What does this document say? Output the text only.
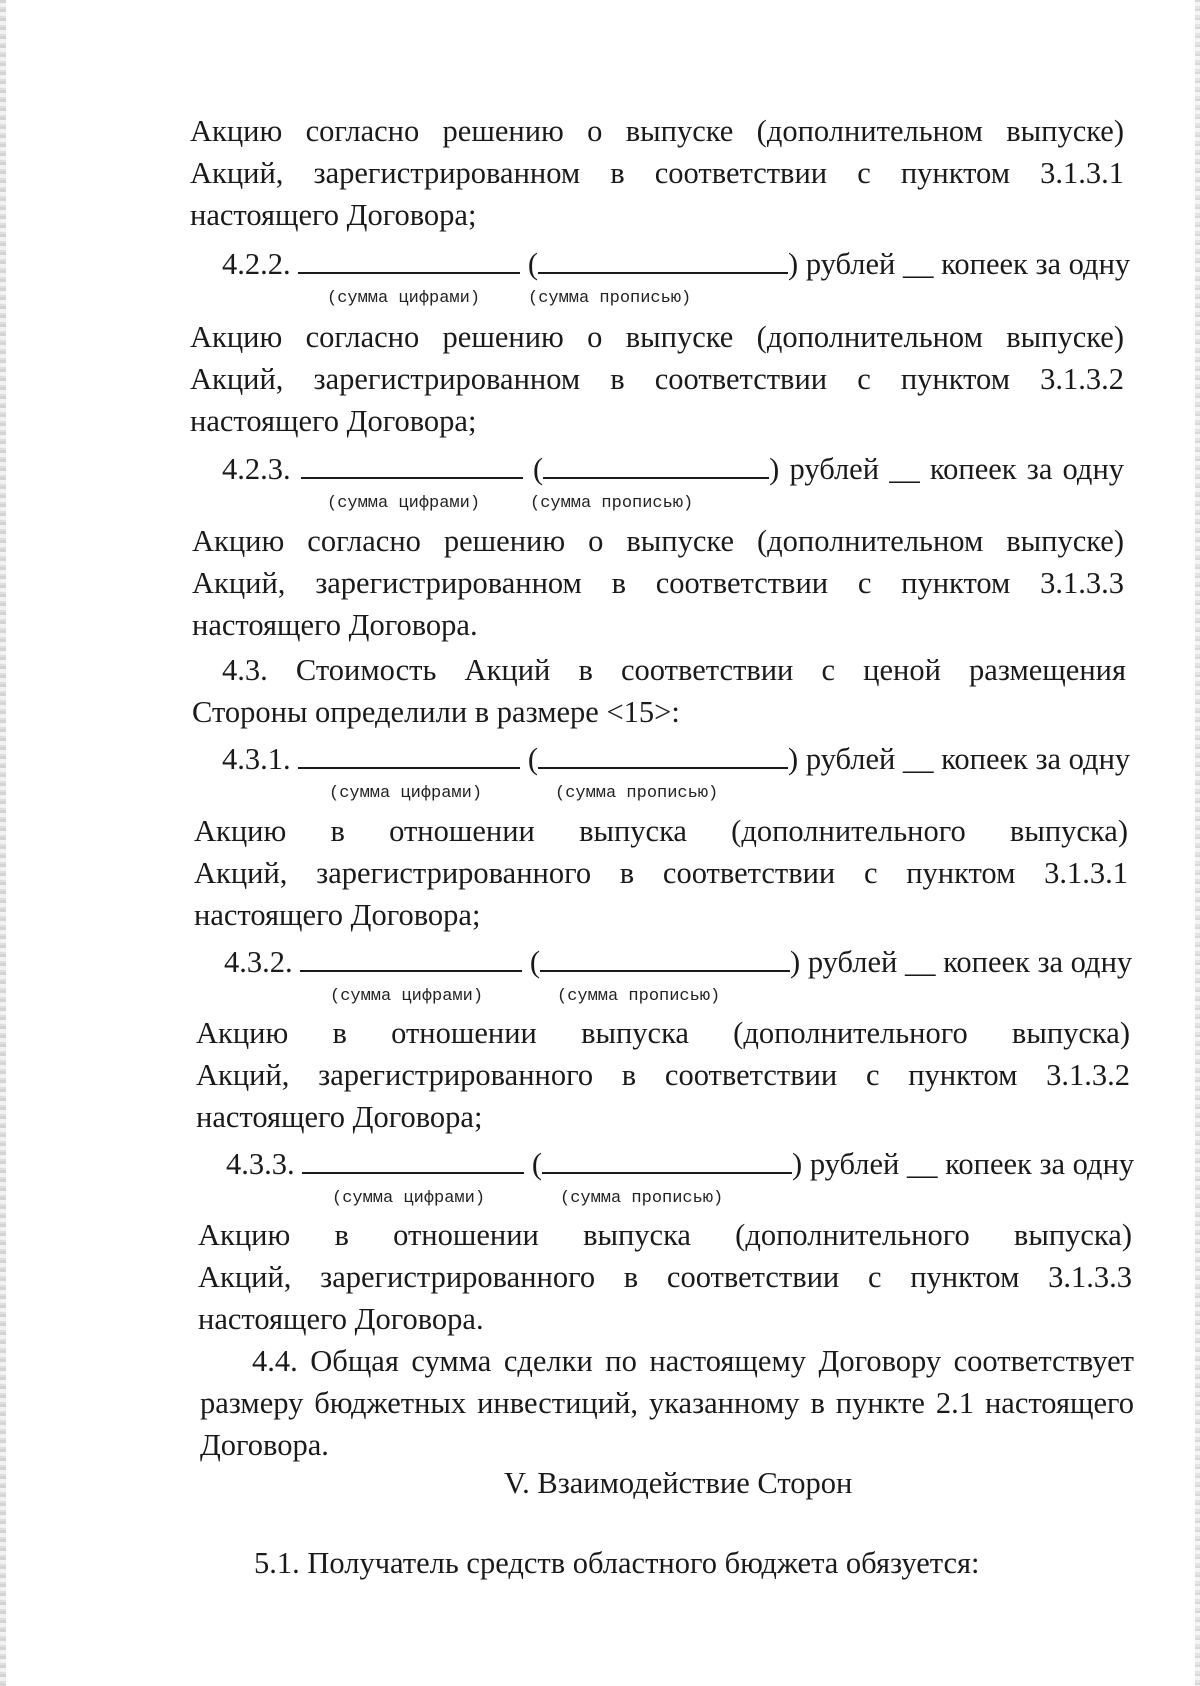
Акцию согласно решению о выпуске (дополнительном выпуске)
Акций, зарегистрированном в соответствии с пунктом 3.1.3.1
настоящего Договора;
4.2.2.	(	) рублей __ копеек за одну
(сумма цифрами)	(сумма прописью)
Акцию согласно решению о выпуске (дополнительном выпуске)
Акций, зарегистрированном в соответствии с пунктом 3.1.3.2
настоящего Договора;
4.2.3.	(	) рублей __ копеек за одну
(сумма цифрами)	(сумма прописью)
Акцию согласно решению о выпуске (дополнительном выпуске)
Акций, зарегистрированном в соответствии с пунктом 3.1.3.3
настоящего Договора.
4.3. Стоимость Акций в соответствии с ценой размещения
Стороны определили в размере <15>:
4.3.1.	(	) рублей __ копеек за одну
(сумма цифрами)	(сумма прописью)
Акцию в отношении выпуска (дополнительного выпуска)
Акций, зарегистрированного в соответствии с пунктом 3.1.3.1
настоящего Договора;
4.3.2.	(	) рублей __ копеек за одну
(сумма цифрами)	(сумма прописью)
Акцию в отношении выпуска (дополнительного выпуска)
Акций, зарегистрированного в соответствии с пунктом 3.1.3.2
настоящего Договора;
4.3.3.	(	) рублей __ копеек за одну
(сумма цифрами)	(сумма прописью)
Акцию в отношении выпуска (дополнительного выпуска)
Акций, зарегистрированного в соответствии с пунктом 3.1.3.3
настоящего Договора.
4.4. Общая сумма сделки по настоящему Договору соответствует
размеру бюджетных инвестиций, указанному в пункте 2.1 настоящего
Договора.
V. Взаимодействие Сторон
5.1. Получатель средств областного бюджета обязуется:
